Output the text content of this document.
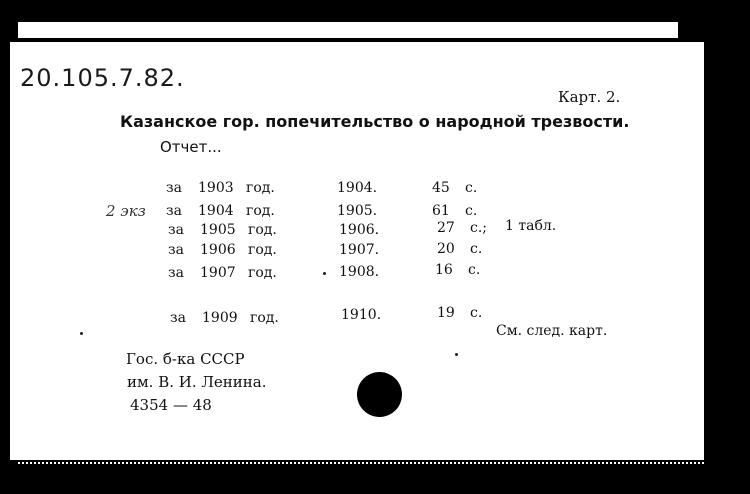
20.105.7.82.
Карт. 2.
Казанское гор. попечительство о народной трезвости.
Отчет...
2 экз
за 1903 год.	1904.	45 с.
за 1904 год.	1905.	61 с.
за 1905 год.	1906.	27 с.; 1 табл.
за 1906 год.	1907.	20 с.
за 1907 год.	1908.	16 с.
за 1909 год.	1910.	19 с.
См. след. карт.
Гос. б-ка СССР
им. В. И. Ленина.
4354 — 48
